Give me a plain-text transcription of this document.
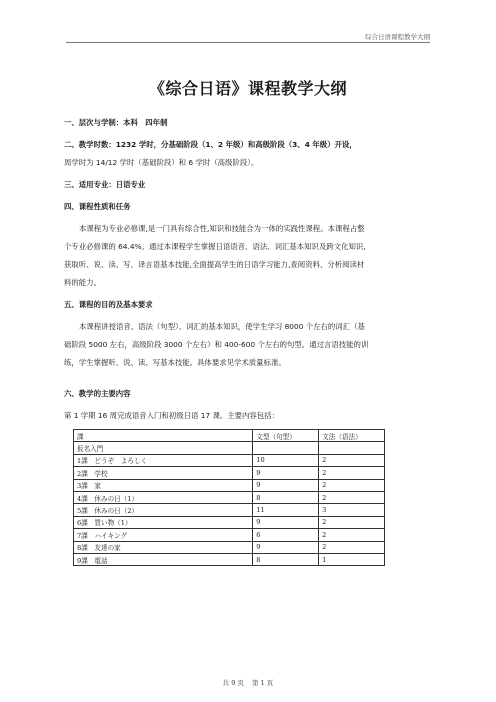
综合日语课程教学大纲
《综合日语》课程教学大纲

一、层次与学制：本科　四年制

二、教学时数：1232 学时，分基础阶段（1、2 年级）和高级阶段（3、4 年级）开设，

周学时为 14/12 学时（基础阶段）和 6 学时（高级阶段）。

三、适用专业：日语专业

四、课程性质和任务

本课程为专业必修课,是一门具有综合性,知识和技能合为一体的实践性课程。本课程占整

个专业必修课的 64.4%。通过本课程学生掌握日语语音、语法、词汇基本知识及跨文化知识,

获取听、说、读、写、译言语基本技能,全面提高学生的日语学习能力,查阅资料、分析阅读材

料的能力。

五、课程的目的及基本要求

本课程讲授语音、语法（句型）、词汇的基本知识，使学生学习 8000 个左右的词汇（基

础阶段 5000 左右，高级阶段 3000 个左右）和 400-600 个左右的句型。通过言语技能的训

练，学生掌握听、说、读、写基本技能。具体要求见学术质量标准。

六、教学的主要内容

第 1 学期 16 周完成语音入门和初级日语 17 课。主要内容包括：

課	文型（句型）	文法（语法）
仮名入門		
1課　どうぞ　よろしく	10	2
2課　学校	9	2
3課　家	9	2
4課　休みの日（1）	8	2
5課　休みの日（2）	11	3
6課　買い物（1）	9	2
7課　ハイキング	6	2
8課　友達の家	9	2
9課　電話	8	1
共 9 页 第 1 页
